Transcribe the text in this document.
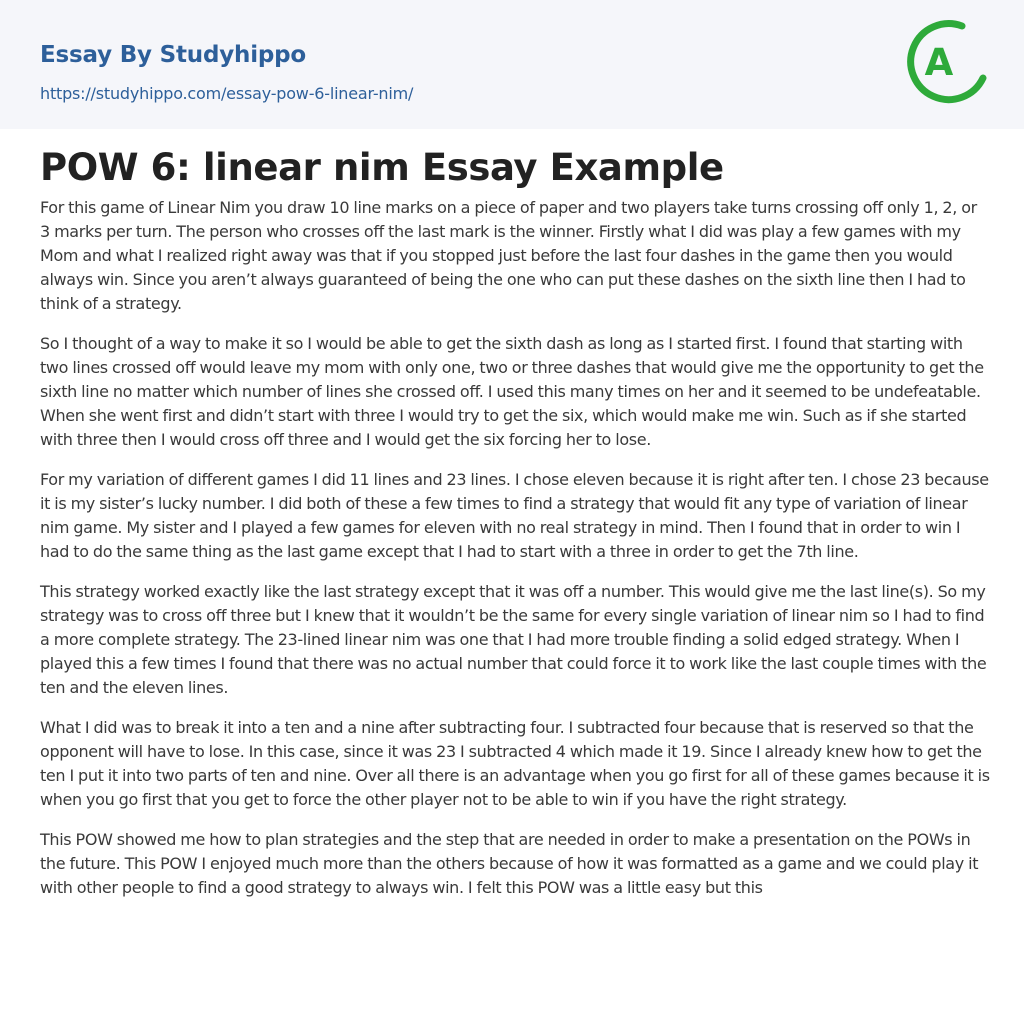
Essay By Studyhippo
https://studyhippo.com/essay-pow-6-linear-nim/
A
POW 6: linear nim Essay Example

For this game of Linear Nim you draw 10 line marks on a piece of paper and two players take turns crossing off only 1, 2, or 3 marks per turn. The person who crosses off the last mark is the winner. Firstly what I did was play a few games with my Mom and what I realized right away was that if you stopped just before the last four dashes in the game then you would always win. Since you aren’t always guaranteed of being the one who can put these dashes on the sixth line then I had to think of a strategy.

So I thought of a way to make it so I would be able to get the sixth dash as long as I started first. I found that starting with two lines crossed off would leave my mom with only one, two or three dashes that would give me the opportunity to get the sixth line no matter which number of lines she crossed off. I used this many times on her and it seemed to be undefeatable. When she went first and didn’t start with three I would try to get the six, which would make me win. Such as if she started with three then I would cross off three and I would get the six forcing her to lose.

For my variation of different games I did 11 lines and 23 lines. I chose eleven because it is right after ten. I chose 23 because it is my sister’s lucky number. I did both of these a few times to find a strategy that would fit any type of variation of linear nim game. My sister and I played a few games for eleven with no real strategy in mind. Then I found that in order to win I had to do the same thing as the last game except that I had to start with a three in order to get the 7th line.

This strategy worked exactly like the last strategy except that it was off a number. This would give me the last line(s). So my strategy was to cross off three but I knew that it wouldn’t be the same for every single variation of linear nim so I had to find a more complete strategy. The 23-lined linear nim was one that I had more trouble finding a solid edged strategy. When I played this a few times I found that there was no actual number that could force it to work like the last couple times with the ten and the eleven lines.

What I did was to break it into a ten and a nine after subtracting four. I subtracted four because that is reserved so that the opponent will have to lose. In this case, since it was 23 I subtracted 4 which made it 19. Since I already knew how to get the ten I put it into two parts of ten and nine. Over all there is an advantage when you go first for all of these games because it is when you go first that you get to force the other player not to be able to win if you have the right strategy.

This POW showed me how to plan strategies and the step that are needed in order to make a presentation on the POWs in the future. This POW I enjoyed much more than the others because of how it was formatted as a game and we could play it with other people to find a good strategy to always win. I felt this POW was a little easy but this
